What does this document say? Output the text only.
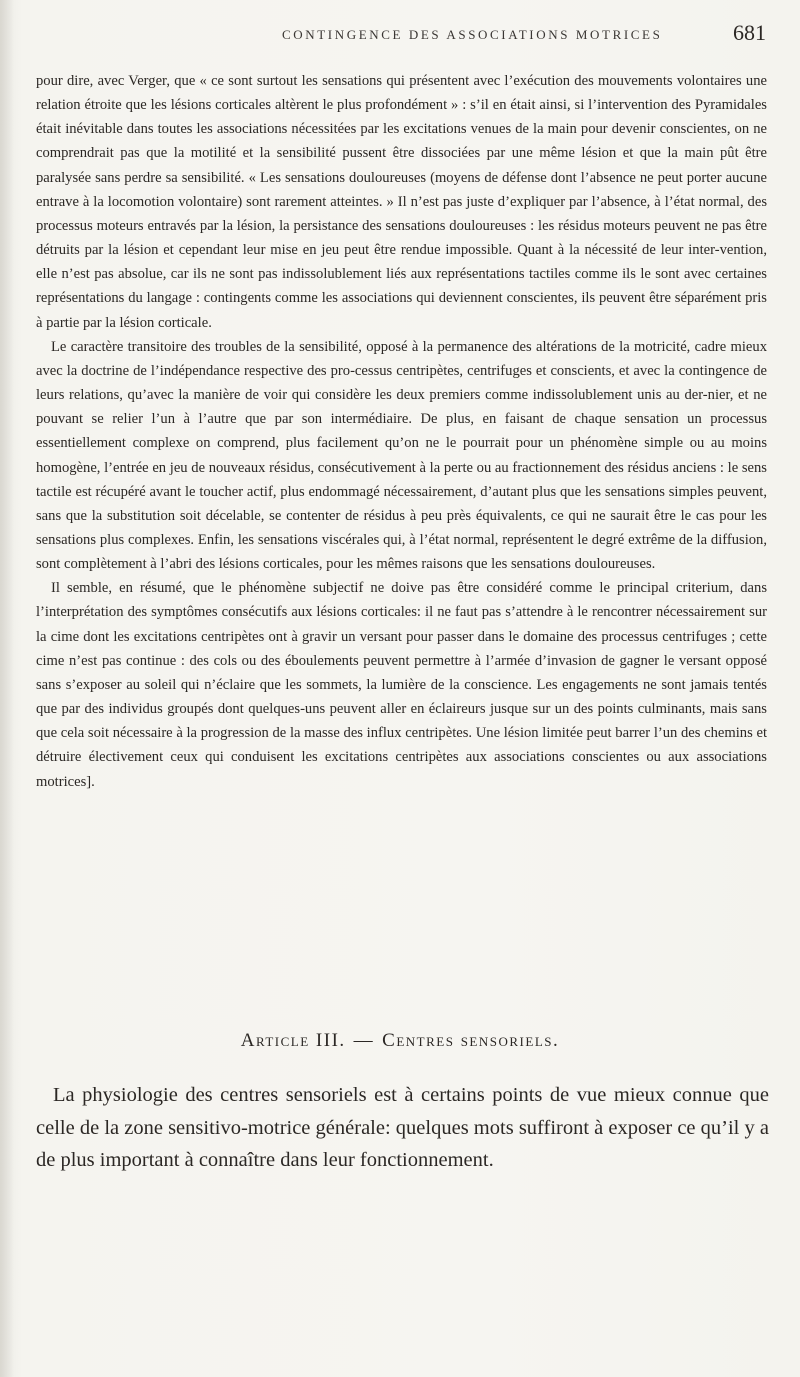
CONTINGENCE DES ASSOCIATIONS MOTRICES	681

pour dire, avec Verger, que « ce sont surtout les sensations qui présentent avec l’exécution des mouvements volontaires une relation étroite que les lésions corticales altèrent le plus profondément » : s’il en était ainsi, si l’intervention des Pyramidales était inévitable dans toutes les associations nécessitées par les excitations venues de la main pour devenir conscientes, on ne comprendrait pas que la motilité et la sensibilité pussent être dissociées par une même lésion et que la main pût être paralysée sans perdre sa sensibilité. « Les sensations douloureuses (moyens de défense dont l’absence ne peut porter aucune entrave à la locomotion volontaire) sont rarement atteintes. » Il n’est pas juste d’expliquer par l’absence, à l’état normal, des processus moteurs entravés par la lésion, la persistance des sensations douloureuses : les résidus moteurs peuvent ne pas être détruits par la lésion et cependant leur mise en jeu peut être rendue impossible. Quant à la nécessité de leur inter-vention, elle n’est pas absolue, car ils ne sont pas indissolublement liés aux représentations tactiles comme ils le sont avec certaines représentations du langage : contingents comme les associations qui deviennent conscientes, ils peuvent être séparément pris à partie par la lésion corticale.

Le caractère transitoire des troubles de la sensibilité, opposé à la permanence des altérations de la motricité, cadre mieux avec la doctrine de l’indépendance respective des pro-cessus centripètes, centrifuges et conscients, et avec la contingence de leurs relations, qu’avec la manière de voir qui considère les deux premiers comme indissolublement unis au der-nier, et ne pouvant se relier l’un à l’autre que par son intermédiaire. De plus, en faisant de chaque sensation un processus essentiellement complexe on comprend, plus facilement qu’on ne le pourrait pour un phénomène simple ou au moins homogène, l’entrée en jeu de nouveaux résidus, consécutivement à la perte ou au fractionnement des résidus anciens : le sens tactile est récupéré avant le toucher actif, plus endommagé nécessairement, d’autant plus que les sensations simples peuvent, sans que la substitution soit décelable, se contenter de résidus à peu près équivalents, ce qui ne saurait être le cas pour les sensations plus complexes. Enfin, les sensations viscérales qui, à l’état normal, représentent le degré extrême de la diffusion, sont complètement à l’abri des lésions corticales, pour les mêmes raisons que les sensations douloureuses.

Il semble, en résumé, que le phénomène subjectif ne doive pas être considéré comme le principal criterium, dans l’interprétation des symptômes consécutifs aux lésions corticales: il ne faut pas s’attendre à le rencontrer nécessairement sur la cime dont les excitations centripètes ont à gravir un versant pour passer dans le domaine des processus centrifuges ; cette cime n’est pas continue : des cols ou des éboulements peuvent permettre à l’armée d’invasion de gagner le versant opposé sans s’exposer au soleil qui n’éclaire que les sommets, la lumière de la conscience. Les engagements ne sont jamais tentés que par des individus groupés dont quelques-uns peuvent aller en éclaireurs jusque sur un des points culminants, mais sans que cela soit nécessaire à la progression de la masse des influx centripètes. Une lésion limitée peut barrer l’un des chemins et détruire électivement ceux qui conduisent les excitations centripètes aux associations conscientes ou aux associations motrices].

Article III. — Centres sensoriels.

La physiologie des centres sensoriels est à certains points de vue mieux connue que celle de la zone sensitivo-motrice générale: quelques mots suffiront à exposer ce qu’il y a de plus important à connaître dans leur fonctionnement.
